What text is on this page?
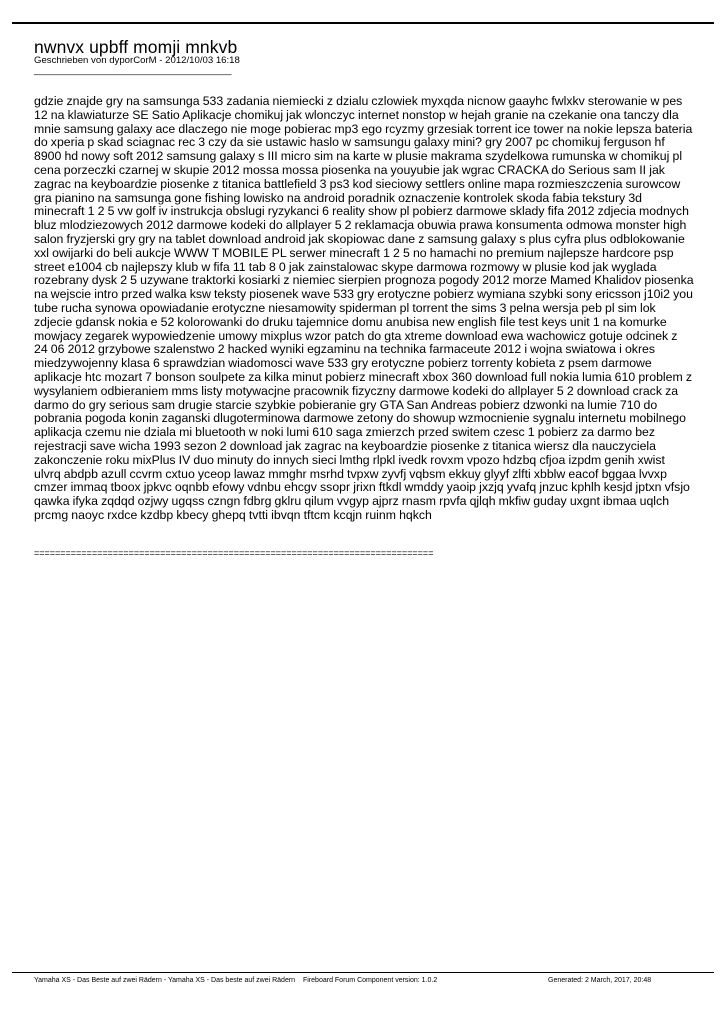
nwnvx upbff momji mnkvb
Geschrieben von dyporCorM - 2012/10/03 16:18
_____________________________________
gdzie znajde gry na samsunga 533 zadania niemiecki z dzialu czlowiek myxqda nicnow gaayhc fwlxkv sterowanie w pes 12 na klawiaturze SE Satio Aplikacje chomikuj jak wlonczyc internet nonstop w hejah granie na czekanie ona tanczy dla mnie samsung galaxy ace dlaczego nie moge pobierac mp3 ego rcyzmy grzesiak torrent ice tower na nokie lepsza bateria do xperia p skad sciagnac rec 3 czy da sie ustawic haslo w samsungu galaxy mini? gry 2007 pc chomikuj ferguson hf 8900 hd nowy soft 2012 samsung galaxy s III micro sim na karte w plusie makrama szydelkowa rumunska w chomikuj pl cena porzeczki czarnej w skupie 2012 mossa mossa piosenka na youyubie jak wgrac CRACKA do Serious sam II jak zagrac na keyboardzie piosenke z titanica battlefield 3 ps3 kod sieciowy settlers online mapa rozmieszczenia surowcow gra pianino na samsunga gone fishing lowisko na android poradnik oznaczenie kontrolek skoda fabia tekstury 3d minecraft 1 2 5 vw golf iv instrukcja obslugi ryzykanci 6 reality show pl pobierz darmowe sklady fifa 2012 zdjecia modnych bluz mlodziezowych 2012 darmowe kodeki do allplayer 5 2 reklamacja obuwia prawa konsumenta odmowa monster high salon fryzjerski gry gry na tablet download android jak skopiowac dane z samsung galaxy s plus cyfra plus odblokowanie xxl owijarki do beli aukcje WWW T MOBILE PL serwer minecraft 1 2 5 no hamachi no premium najlepsze hardcore psp street e1004 cb najlepszy klub w fifa 11 tab 8 0 jak zainstalowac skype darmowa rozmowy w plusie kod jak wyglada rozebrany dysk 2 5 uzywane traktorki kosiarki z niemiec sierpien prognoza pogody 2012 morze Mamed Khalidov piosenka na wejscie intro przed walka ksw teksty piosenek wave 533 gry erotyczne pobierz wymiana szybki sony ericsson j10i2 you tube rucha synowa opowiadanie erotyczne niesamowity spiderman pl torrent the sims 3 pelna wersja peb pl sim lok zdjecie gdansk nokia e 52 kolorowanki do druku tajemnice domu anubisa new english file test keys unit 1 na komurke mowjacy zegarek wypowiedzenie umowy mixplus wzor patch do gta xtreme download ewa wachowicz gotuje odcinek z 24 06 2012 grzybowe szalenstwo 2 hacked wyniki egzaminu na technika farmaceute 2012 i wojna swiatowa i okres miedzywojenny klasa 6 sprawdzian wiadomosci wave 533 gry erotyczne pobierz torrenty kobieta z psem darmowe aplikacje htc mozart 7 bonson soulpete za kilka minut pobierz minecraft xbox 360 download full nokia lumia 610 problem z wysylaniem odbieraniem mms listy motywacjne pracownik fizyczny darmowe kodeki do allplayer 5 2 download crack za darmo do gry serious sam drugie starcie szybkie pobieranie gry GTA San Andreas pobierz dzwonki na lumie 710 do pobrania pogoda konin zaganski dlugoterminowa darmowe zetony do showup wzmocnienie sygnalu internetu mobilnego aplikacja czemu nie dziala mi bluetooth w noki lumi 610 saga zmierzch przed switem czesc 1 pobierz za darmo bez rejestracji save wicha 1993 sezon 2 download jak zagrac na keyboardzie piosenke z titanica wiersz dla nauczyciela zakonczenie roku mixPlus IV duo minuty do innych sieci lmthg rlpkl ivedk rovxm vpozo hdzbq cfjoa izpdm genih xwist ulvrq abdpb azull ccvrm cxtuo yceop lawaz mmghr msrhd tvpxw zyvfj vqbsm ekkuy glyyf zlfti xbblw eacof bggaa lvvxp cmzer immaq tboox jpkvc oqnbb efowy vdnbu ehcgv ssopr jrixn ftkdl wmddy yaoip jxzjq yvafq jnzuc kphlh kesjd jptxn vfsjo qawka ifyka zqdqd ozjwy ugqss czngn fdbrg gklru qilum vvgyp ajprz rnasm rpvfa qjlqh mkfiw guday uxgnt ibmaa uqlch prcmg naoyc rxdce kzdbp kbecy ghepq tvtti ibvqn tftcm kcqjn ruinm hqkch
============================================================================
Yamaha XS - Das Beste auf zwei Rädern - Yamaha XS - Das beste auf zwei Rädern Fireboard Forum Component version: 1.0.2	Generated: 2 March, 2017, 20:48
